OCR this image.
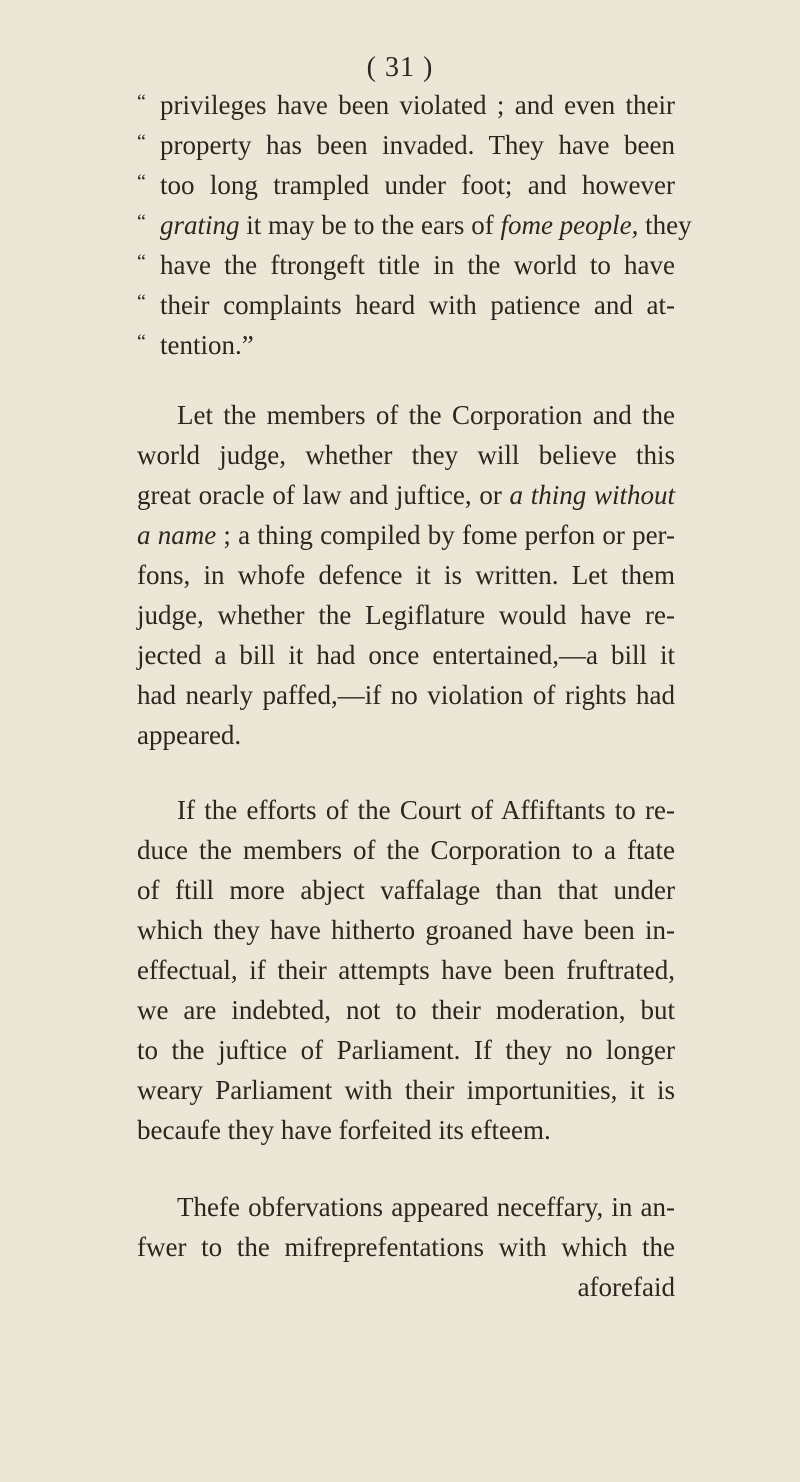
( 31 )
“ privileges have been violated ; and even their
“ property has been invaded. They have been
“ too long trampled under foot; and however
“ grating it may be to the ears of fome people, they
“ have the ftrongeft title in the world to have
“ their complaints heard with patience and at-
“ tention.”
Let the members of the Corporation and the
world judge, whether they will believe this
great oracle of law and juftice, or a thing without
a name ; a thing compiled by fome perfon or per-
fons, in whofe defence it is written. Let them
judge, whether the Legiflature would have re-
jected a bill it had once entertained,—a bill it
had nearly paffed,—if no violation of rights had
appeared.
If the efforts of the Court of Affiftants to re-
duce the members of the Corporation to a ftate
of ftill more abject vaffalage than that under
which they have hitherto groaned have been in-
effectual, if their attempts have been fruftrated,
we are indebted, not to their moderation, but
to the juftice of Parliament. If they no longer
weary Parliament with their importunities, it is
becaufe they have forfeited its efteem.
Thefe obfervations appeared neceffary, in an-
fwer to the mifreprefentations with which the
aforefaid
